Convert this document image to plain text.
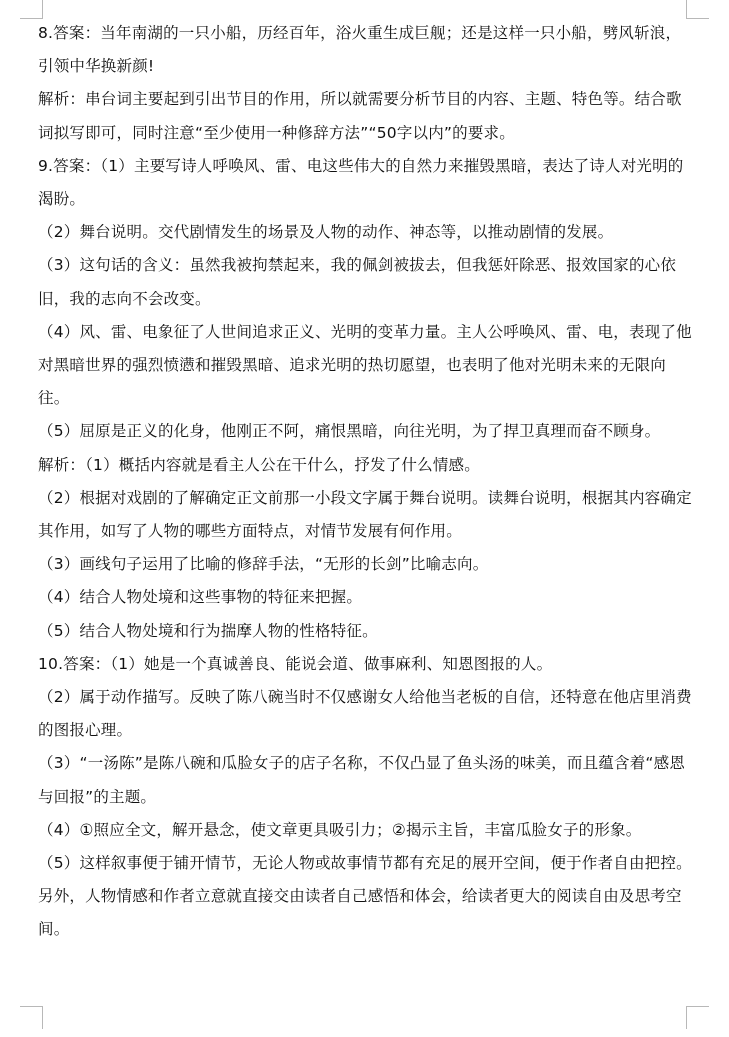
8.答案：当年南湖的一只小船，历经百年，浴火重生成巨舰；还是这样一只小船，劈风斩浪，引领中华换新颜!

解析：串台词主要起到引出节目的作用，所以就需要分析节目的内容、主题、特色等。结合歌词拟写即可，同时注意“至少使用一种修辞方法”“50字以内”的要求。

9.答案：（1）主要写诗人呼唤风、雷、电这些伟大的自然力来摧毁黑暗，表达了诗人对光明的渴盼。

（2）舞台说明。交代剧情发生的场景及人物的动作、神态等，以推动剧情的发展。

（3）这句话的含义：虽然我被拘禁起来，我的佩剑被拔去，但我惩奸除恶、报效国家的心依旧，我的志向不会改变。

（4）风、雷、电象征了人世间追求正义、光明的变革力量。主人公呼唤风、雷、电，表现了他对黑暗世界的强烈愤懑和摧毁黑暗、追求光明的热切愿望，也表明了他对光明未来的无限向往。

（5）屈原是正义的化身，他刚正不阿，痛恨黑暗，向往光明，为了捍卫真理而奋不顾身。

解析：（1）概括内容就是看主人公在干什么，抒发了什么情感。

（2）根据对戏剧的了解确定正文前那一小段文字属于舞台说明。读舞台说明，根据其内容确定其作用，如写了人物的哪些方面特点，对情节发展有何作用。

（3）画线句子运用了比喻的修辞手法，“无形的长剑”比喻志向。

（4）结合人物处境和这些事物的特征来把握。

（5）结合人物处境和行为揣摩人物的性格特征。

10.答案：（1）她是一个真诚善良、能说会道、做事麻利、知恩图报的人。

（2）属于动作描写。反映了陈八碗当时不仅感谢女人给他当老板的自信，还特意在他店里消费的图报心理。

（3）“一汤陈”是陈八碗和瓜脸女子的店子名称，不仅凸显了鱼头汤的味美，而且蕴含着“感恩与回报”的主题。

（4）①照应全文，解开悬念，使文章更具吸引力；②揭示主旨，丰富瓜脸女子的形象。

（5）这样叙事便于铺开情节，无论人物或故事情节都有充足的展开空间，便于作者自由把控。另外，人物情感和作者立意就直接交由读者自己感悟和体会，给读者更大的阅读自由及思考空间。
